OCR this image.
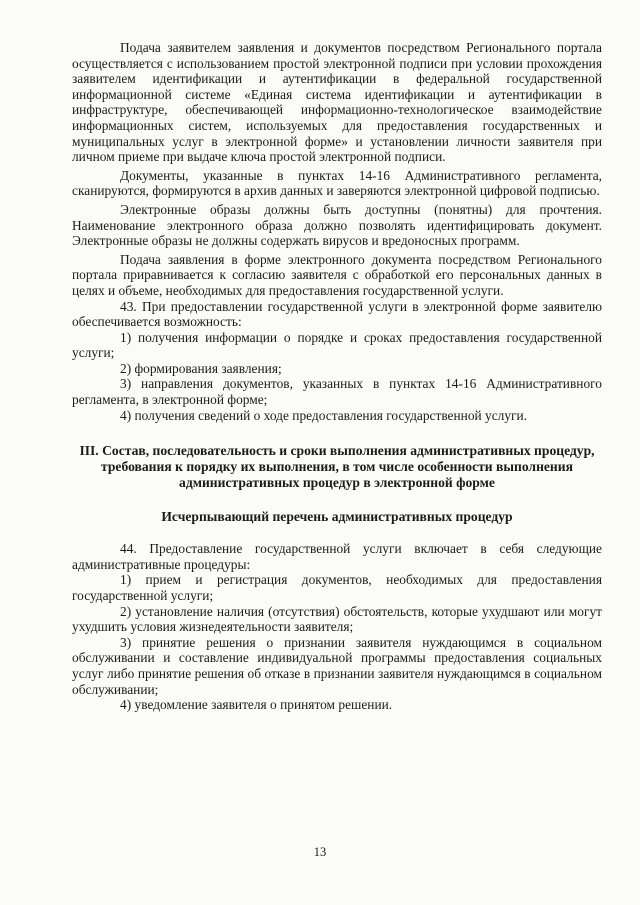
Подача заявителем заявления и документов посредством Регионального портала осуществляется с использованием простой электронной подписи при условии прохождения заявителем идентификации и аутентификации в федеральной государственной информационной системе «Единая система идентификации и аутентификации в инфраструктуре, обеспечивающей информационно-технологическое взаимодействие информационных систем, используемых для предоставления государственных и муниципальных услуг в электронной форме» и установлении личности заявителя при личном приеме при выдаче ключа простой электронной подписи.

Документы, указанные в пунктах 14-16 Административного регламента, сканируются, формируются в архив данных и заверяются электронной цифровой подписью.

Электронные образы должны быть доступны (понятны) для прочтения. Наименование электронного образа должно позволять идентифицировать документ. Электронные образы не должны содержать вирусов и вредоносных программ.

Подача заявления в форме электронного документа посредством Регионального портала приравнивается к согласию заявителя с обработкой его персональных данных в целях и объеме, необходимых для предоставления государственной услуги.

43. При предоставлении государственной услуги в электронной форме заявителю обеспечивается возможность:

1) получения информации о порядке и сроках предоставления государственной услуги;

2) формирования заявления;

3) направления документов, указанных в пунктах 14-16 Административного регламента, в электронной форме;

4) получения сведений о ходе предоставления государственной услуги.

III. Состав, последовательность и сроки выполнения административных процедур, требования к порядку их выполнения, в том числе особенности выполнения административных процедур в электронной форме

Исчерпывающий перечень административных процедур

44. Предоставление государственной услуги включает в себя следующие административные процедуры:

1) прием и регистрация документов, необходимых для предоставления государственной услуги;

2) установление наличия (отсутствия) обстоятельств, которые ухудшают или могут ухудшить условия жизнедеятельности заявителя;

3) принятие решения о признании заявителя нуждающимся в социальном обслуживании и составление индивидуальной программы предоставления социальных услуг либо принятие решения об отказе в признании заявителя нуждающимся в социальном обслуживании;

4) уведомление заявителя о принятом решении.

13
